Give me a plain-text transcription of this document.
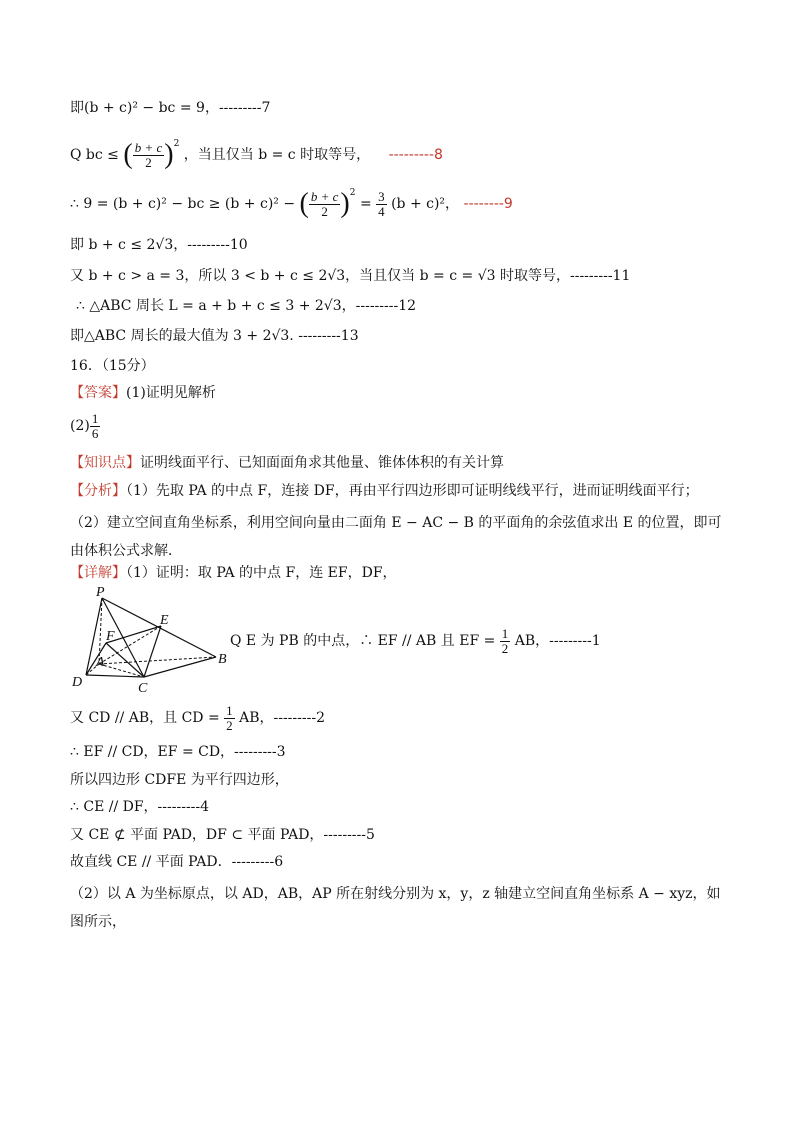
即(b + c)² − bc = 9，---------7
Q bc ≤ ( $\frac{b + c}{2} )^2$ ，当且仅当 b = c 时取等号， ---------8
∴ 9 = (b + c)² − bc ≥ (b + c)² − ( $\frac{b + c}{2} )^2 = \frac{3}{4} (b + c)^2$， --------9
即 b + c ≤ 2√3，---------10
又 b + c > a = 3，所以 3 < b + c ≤ 2√3，当且仅当 b = c = √3 时取等号，---------11
∴ △ABC 周长 L = a + b + c ≤ 3 + 2√3，---------12
即△ABC 周长的最大值为 3 + 2√3. ---------13
16．（15分）
【答案】(1)证明见解析
$(2) \frac{1}{6}$
【知识点】证明线面平行、已知面面角求其他量、锥体体积的有关计算
【分析】（1）先取 PA 的中点 F，连接 DF，再由平行四边形即可证明线线平行，进而证明线面平行；
（2）建立空间直角坐标系，利用空间向量由二面角 E − AC − B 的平面角的余弦值求出 E 的位置，即可由体积公式求解．
【详解】（1）证明：取 PA 的中点 F，连 EF，DF，
P
E
F
A
D	C
B
Q E 为 PB 的中点，∴ EF // AB 且 EF = $\frac{1}{2}$ AB，---------1
又 CD // AB，且 CD = $\frac{1}{2}$ AB，---------2
∴ EF // CD，EF = CD，---------3
所以四边形 CDFE 为平行四边形，
∴ CE // DF，---------4
又 CE ⊄ 平面 PAD，DF ⊂ 平面 PAD，---------5
故直线 CE // 平面 PAD．---------6
（2）以 A 为坐标原点，以 AD，AB，AP 所在射线分别为 x，y，z 轴建立空间直角坐标系 A − xyz，如图所示，
